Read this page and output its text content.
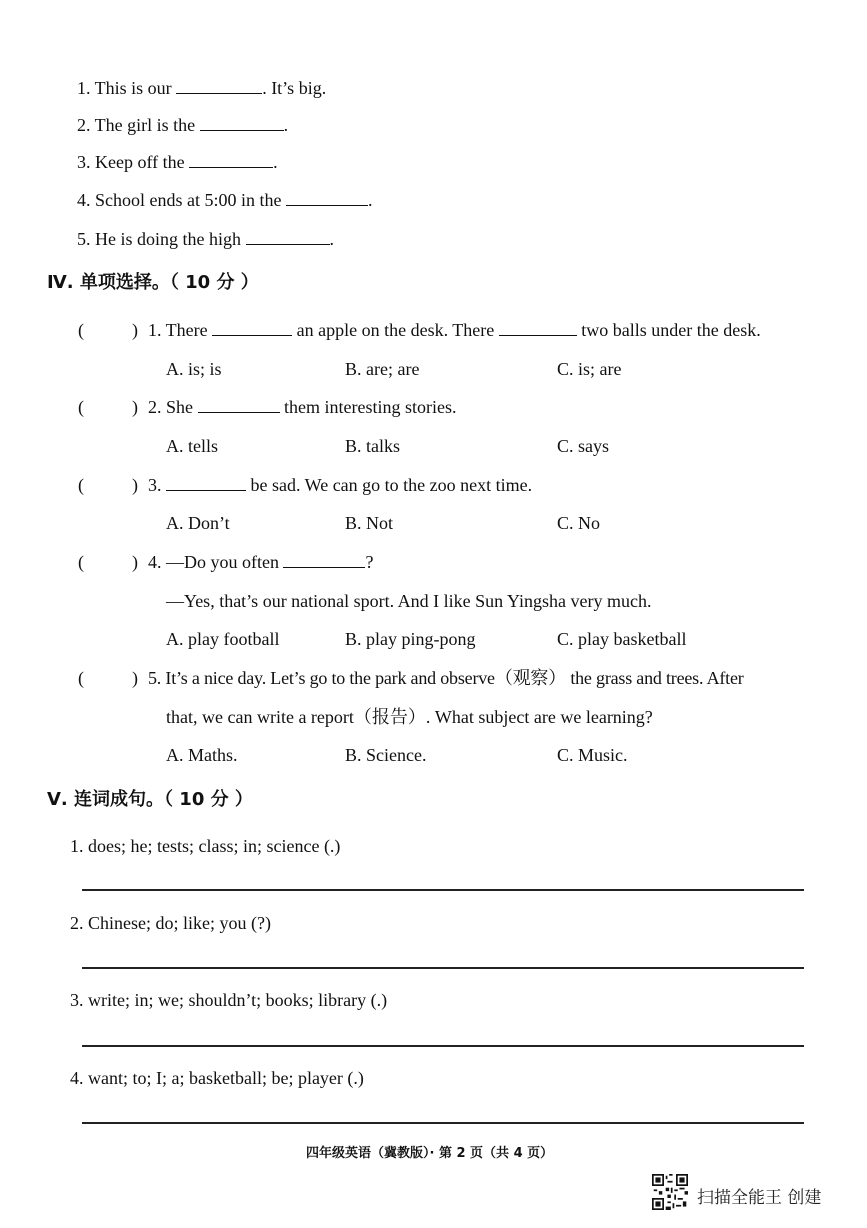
1. This is our	. It’s big.
2. The girl is the	.
3. Keep off the	.
4. School ends at 5:00 in the	.
5. He is doing the high	.
Ⅳ. 单项选择。（ 10 分 ）
(	) 1. There	an apple on the desk. There	two balls under the desk.
A. is; is	B. are; are	C. is; are
(	) 2. She	them interesting stories.
A. tells	B. talks	C. says
(	) 3.	be sad. We can go to the zoo next time.
A. Don’t	B. Not	C. No
(	) 4. —Do you often	?
—Yes, that’s our national sport. And I like Sun Yingsha very much.
A. play football	B. play ping-pong	C. play basketball
(	) 5. It’s a nice day. Let’s go to the park and observe（观察） the grass and trees. After
that, we can write a report（报告）. What subject are we learning?
A. Maths.	B. Science.	C. Music.
Ⅴ. 连词成句。（ 10 分 ）
1. does; he; tests; class; in; science (.)
2. Chinese; do; like; you (?)
3. write; in; we; shouldn’t; books; library (.)
4. want; to; I; a; basketball; be; player (.)
四年级英语（冀教版）· 第 2 页（共 4 页）
扫描全能王 创建
